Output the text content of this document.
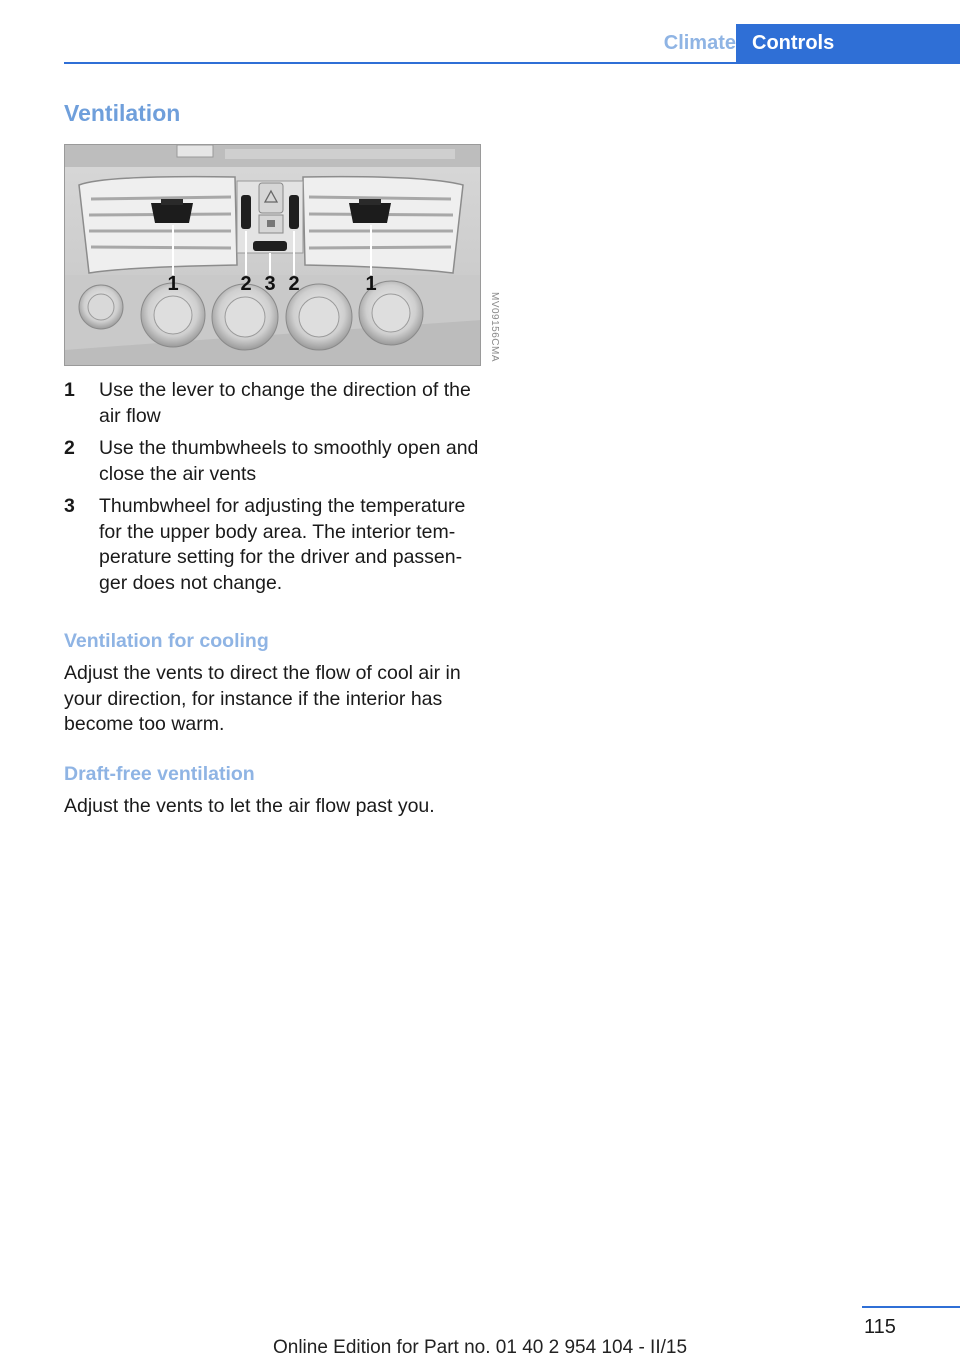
Climate Controls
Ventilation
1	2 3 2	1
MV09156CMA
1 Use the lever to change the direction of the air flow
2 Use the thumbwheels to smoothly open and close the air vents
3 Thumbwheel for adjusting the temperature for the upper body area. The interior tem‐perature setting for the driver and passen‐ger does not change.
Ventilation for cooling

Adjust the vents to direct the flow of cool air in your direction, for instance if the interior has become too warm.

Draft-free ventilation

Adjust the vents to let the air flow past you.

115
Online Edition for Part no. 01 40 2 954 104 - II/15
